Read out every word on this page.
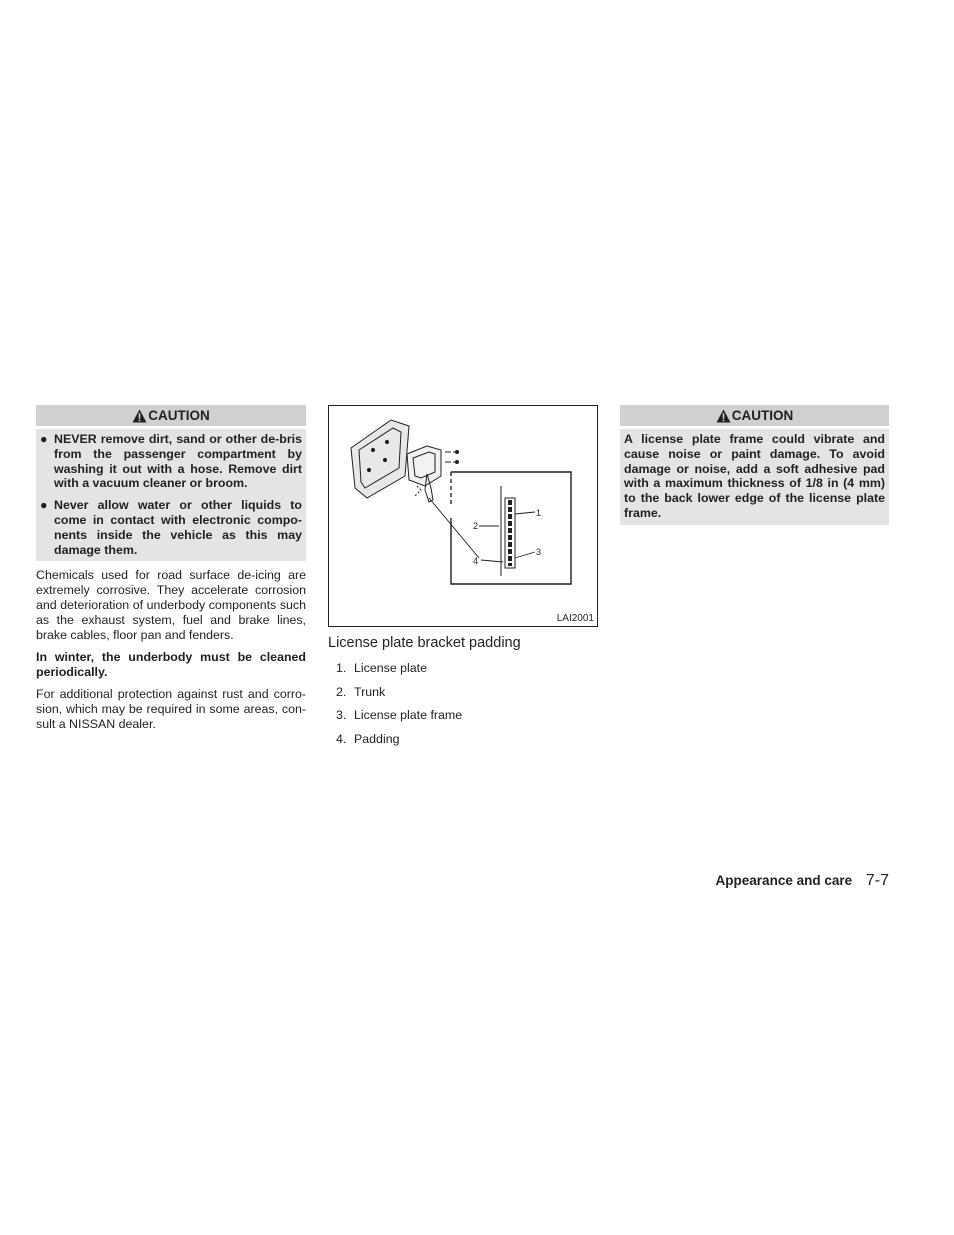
CAUTION
● NEVER remove dirt, sand or other de-bris from the passenger compartment by washing it out with a hose. Remove dirt with a vacuum cleaner or broom.
● Never allow water or other liquids to come in contact with electronic compo-nents inside the vehicle as this may damage them.

Chemicals used for road surface de-icing are extremely corrosive. They accelerate corrosion and deterioration of underbody components such as the exhaust system, fuel and brake lines, brake cables, floor pan and fenders.

In winter, the underbody must be cleaned periodically.

For additional protection against rust and corro-sion, which may be required in some areas, con-sult a NISSAN dealer.

1
2
3
4
LAI2001
License plate bracket padding
1. License plate
2. Trunk
3. License plate frame
4. Padding
CAUTION
A license plate frame could vibrate and cause noise or paint damage. To avoid damage or noise, add a soft adhesive pad with a maximum thickness of 1/8 in (4 mm) to the back lower edge of the license plate frame.
Appearance and care 7-7
